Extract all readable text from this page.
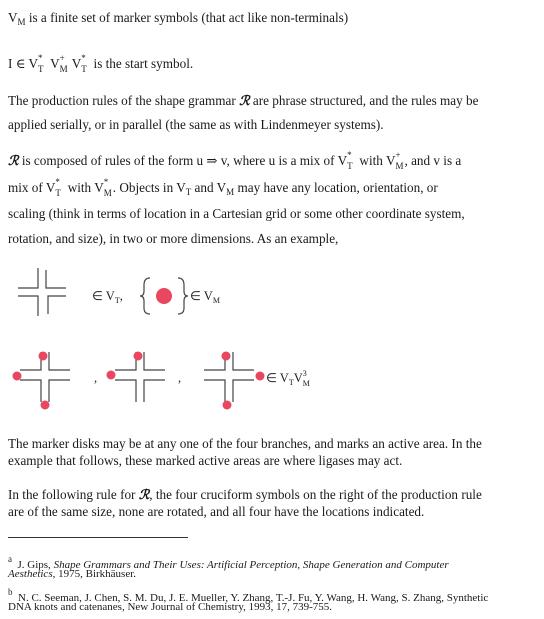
$V_M$ is a finite set of marker symbols (that act like non-terminals)
I ∈ V *
T V +
M V *
T is the start symbol.
The production rules of the shape grammar ℛ are phrase structured, and the rules may be
applied serially, or in parallel (the same as with Lindenmeyer systems).
ℛ is composed of rules of the form u ⇒ v, where u is a mix of V *
T with V +
M , and v is a
mix of V *
T with V *
M . Objects in $V_T$ and $V_M$ may have any location, orientation, or
scaling (think in terms of location in a Cartesian grid or some other coordinate system,
rotation, and size), in two or more dimensions. As an example,
∈ $V_T$,	∈ $V_M$
,	,	∈ $V_TV^3$ M
The marker disks may be at any one of the four branches, and marks an active area. In the
example that follows, these marked active areas are where ligases may act.
In the following rule for ℛ, the four cruciform symbols on the right of the production rule
are of the same size, none are rotated, and all four have the locations indicated.
$^a$ J. Gips, Shape Grammars and Their Uses: Artificial Perception, Shape Generation and Computer
Aesthetics, 1975, Birkhäuser.
$^b$ N. C. Seeman, J. Chen, S. M. Du, J. E. Mueller, Y. Zhang, T.-J. Fu, Y. Wang, H. Wang, S. Zhang, Synthetic
DNA knots and catenanes, New Journal of Chemistry, 1993, 17, 739-755.
